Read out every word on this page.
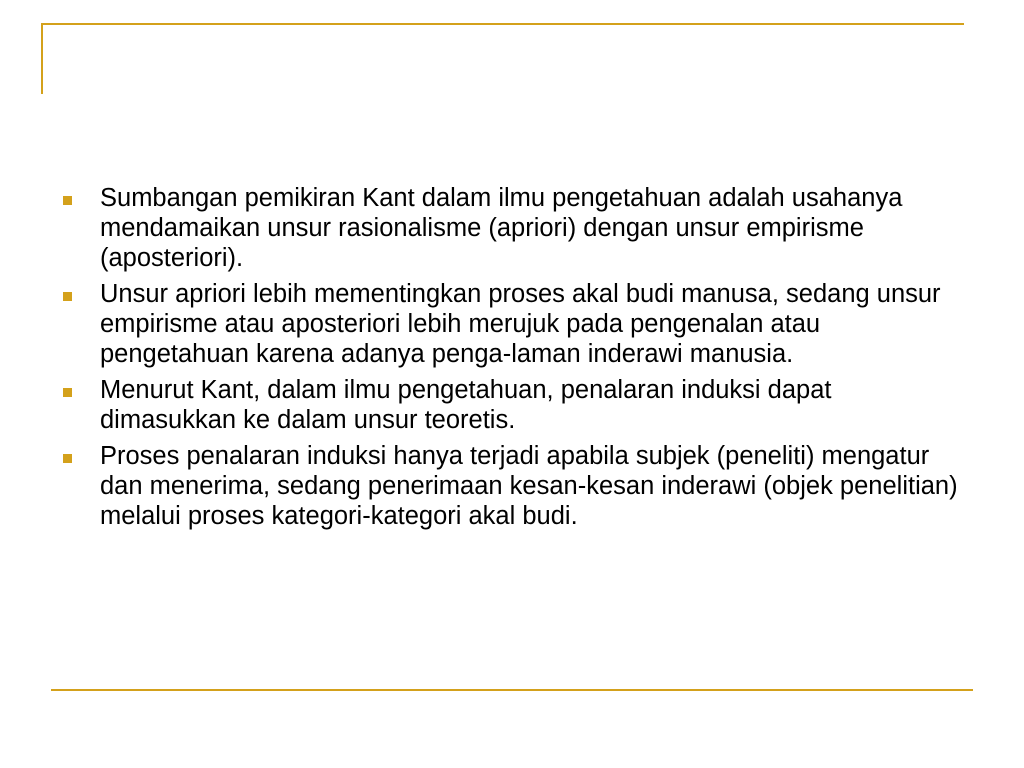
Sumbangan pemikiran Kant dalam ilmu pengetahuan adalah usahanya mendamaikan unsur rasionalisme (apriori) dengan unsur empirisme (aposteriori).
Unsur apriori lebih mementingkan proses akal budi manusa, sedang unsur empirisme atau aposteriori lebih merujuk pada pengenalan atau pengetahuan karena adanya penga-laman inderawi manusia.
Menurut Kant, dalam ilmu pengetahuan, penalaran induksi dapat dimasukkan ke dalam unsur teoretis.
Proses penalaran induksi hanya terjadi apabila subjek (peneliti) mengatur dan menerima, sedang penerimaan kesan-kesan inderawi (objek penelitian) melalui proses kategori-kategori akal budi.
